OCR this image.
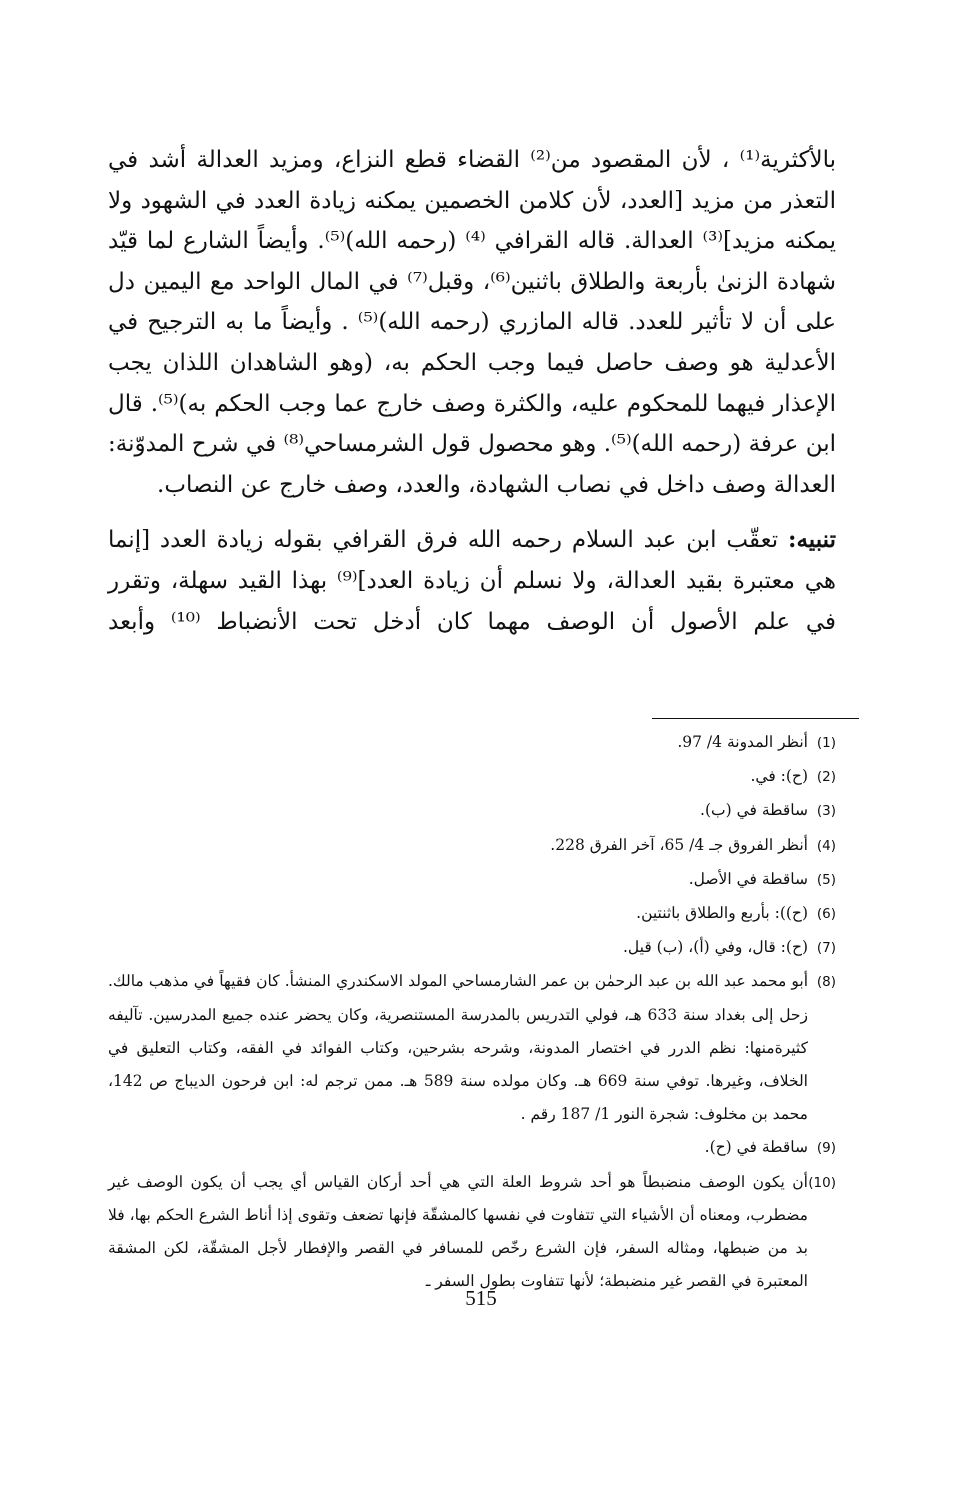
بالأكثرية⁽¹⁾ ، لأن المقصود من⁽²⁾ القضاء قطع النزاع، ومزيد العدالة أشد في التعذر من مزيد [العدد، لأن كلامن الخصمين يمكنه زيادة العدد في الشهود ولا يمكنه مزيد]⁽³⁾ العدالة. قاله القرافي ⁽⁴⁾ (رحمه الله)⁽⁵⁾. وأيضاً الشارع لما قيّد شهادة الزنىٰ بأربعة والطلاق باثنين⁽⁶⁾، وقبل⁽⁷⁾ في المال الواحد مع اليمين دل على أن لا تأثير للعدد. قاله المازري (رحمه الله)⁽⁵⁾ . وأيضاً ما به الترجيح في الأعدلية هو وصف حاصل فيما وجب الحكم به، (وهو الشاهدان اللذان يجب الإعذار فيهما للمحكوم عليه، والكثرة وصف خارج عما وجب الحكم به)⁽⁵⁾. قال ابن عرفة (رحمه الله)⁽⁵⁾. وهو محصول قول الشرمساحي⁽⁸⁾ في شرح المدوّنة: العدالة وصف داخل في نصاب الشهادة، والعدد، وصف خارج عن النصاب.

تنبيه: تعقّب ابن عبد السلام رحمه الله فرق القرافي بقوله زيادة العدد [إنما هي معتبرة بقيد العدالة، ولا نسلم أن زيادة العدد]⁽⁹⁾ بهذا القيد سهلة، وتقرر في علم الأصول أن الوصف مهما كان أدخل تحت الأنضباط ⁽¹⁰⁾ وأبعد

(1)
أنظر المدونة 4/ 97.
(2)
(ح): في.
(3)
ساقطة في (ب).
(4)
أنظر الفروق جـ 4/ 65، آخر الفرق 228.
(5)
ساقطة في الأصل.
(6)
(ح)): بأربع والطلاق باثنتين.
(7)
(ح): قال، وفي (أ)، (ب) قيل.
(8)
أبو محمد عبد الله بن عبد الرحمٰن بن عمر الشارمساحي المولد الاسكندري المنشأ. كان فقيهاً في مذهب مالك. زحل إلى بغداد سنة 633 هـ، فولي التدريس بالمدرسة المستنصرية، وكان يحضر عنده جميع المدرسين. تآليفه كثيرةمنها: نظم الدرر في اختصار المدونة، وشرحه بشرحين، وكتاب الفوائد في الفقه، وكتاب التعليق في الخلاف، وغيرها. توفي سنة 669 هـ. وكان مولده سنة 589 هـ. ممن ترجم له: ابن فرحون الديباج ص 142، محمد بن مخلوف: شجرة النور 1/ 187 رقم .
(9)
ساقطة في (ح).
(10)
أن يكون الوصف منضبطاً هو أحد شروط العلة التي هي أحد أركان القياس أي يجب أن يكون الوصف غير مضطرب، ومعناه أن الأشياء التي تتفاوت في نفسها كالمشقّة فإنها تضعف وتقوى إذا أناط الشرع الحكم بها، فلا بد من ضبطها، ومثاله السفر، فإن الشرع رخّص للمسافر في القصر والإفطار لأجل المشقّة، لكن المشقة المعتبرة في القصر غير منضبطة؛ لأنها تتفاوت بطول السفر ـ
515
